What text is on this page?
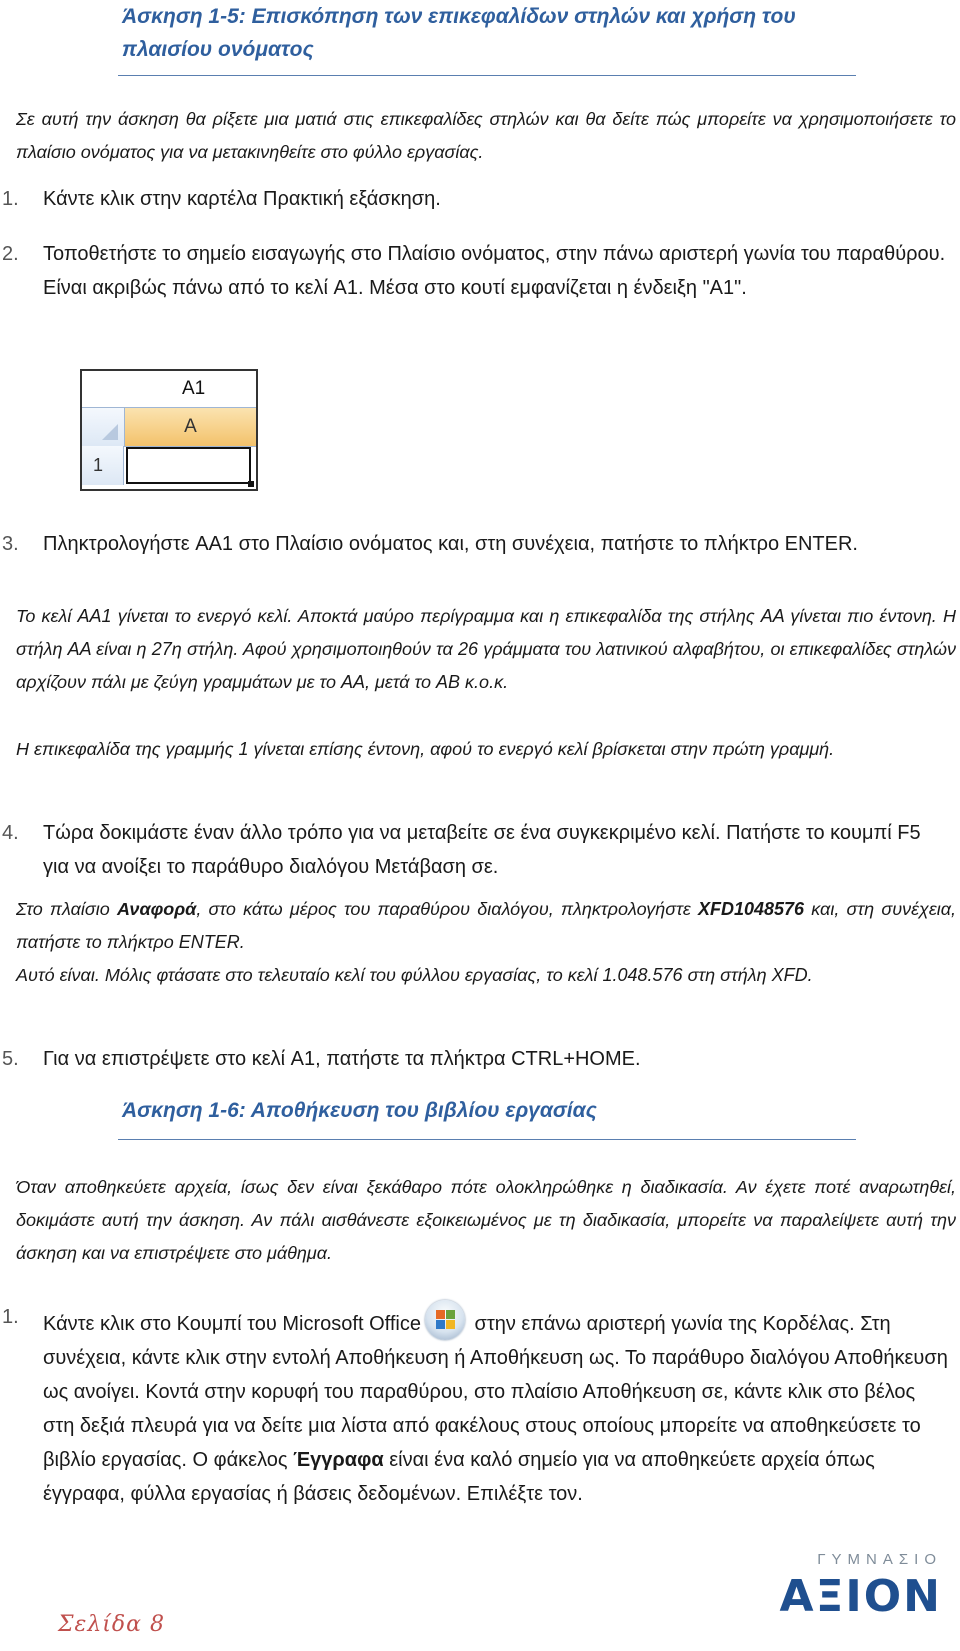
Άσκηση 1-5: Επισκόπηση των επικεφαλίδων στηλών και χρήση του
πλαισίου ονόματος
Σε αυτή την άσκηση θα ρίξετε μια ματιά στις επικεφαλίδες στηλών και θα δείτε πώς μπορείτε να χρησιμοποιήσετε το πλαίσιο ονόματος για να μετακινηθείτε στο φύλλο εργασίας.
1.	Κάντε κλικ στην καρτέλα Πρακτική εξάσκηση.
2.	Τοποθετήστε το σημείο εισαγωγής στο Πλαίσιο ονόματος, στην πάνω αριστερή γωνία του παραθύρου. Είναι ακριβώς πάνω από το κελί A1. Μέσα στο κουτί εμφανίζεται η ένδειξη "A1".
A1
A
1
3.	Πληκτρολογήστε AA1 στο Πλαίσιο ονόματος και, στη συνέχεια, πατήστε το πλήκτρο ENTER.
Το κελί AA1 γίνεται το ενεργό κελί. Αποκτά μαύρο περίγραμμα και η επικεφαλίδα της στήλης AA γίνεται πιο έντονη. Η στήλη AA είναι η 27η στήλη. Αφού χρησιμοποιηθούν τα 26 γράμματα του λατινικού αλφαβήτου, οι επικεφαλίδες στηλών αρχίζουν πάλι με ζεύγη γραμμάτων με το AA, μετά το AB κ.ο.κ.
Η επικεφαλίδα της γραμμής 1 γίνεται επίσης έντονη, αφού το ενεργό κελί βρίσκεται στην πρώτη γραμμή.
4.	Τώρα δοκιμάστε έναν άλλο τρόπο για να μεταβείτε σε ένα συγκεκριμένο κελί. Πατήστε το κουμπί F5 για να ανοίξει το παράθυρο διαλόγου Μετάβαση σε.
Στο πλαίσιο Αναφορά, στο κάτω μέρος του παραθύρου διαλόγου, πληκτρολογήστε XFD1048576 και, στη συνέχεια, πατήστε το πλήκτρο ENTER.
Αυτό είναι. Μόλις φτάσατε στο τελευταίο κελί του φύλλου εργασίας, το κελί 1.048.576 στη στήλη XFD.
5.	Για να επιστρέψετε στο κελί A1, πατήστε τα πλήκτρα CTRL+HOME.
Άσκηση 1-6: Αποθήκευση του βιβλίου εργασίας
Όταν αποθηκεύετε αρχεία, ίσως δεν είναι ξεκάθαρο πότε ολοκληρώθηκε η διαδικασία. Αν έχετε ποτέ αναρωτηθεί, δοκιμάστε αυτή την άσκηση. Αν πάλι αισθάνεστε εξοικειωμένος με τη διαδικασία, μπορείτε να παραλείψετε αυτή την άσκηση και να επιστρέψετε στο μάθημα.
1.	Κάντε κλικ στο Κουμπί του Microsoft Office
στην επάνω αριστερή γωνία της Κορδέλας. Στη συνέχεια, κάντε κλικ στην εντολή Αποθήκευση ή Αποθήκευση ως. Το παράθυρο διαλόγου Αποθήκευση ως ανοίγει. Κοντά στην κορυφή του παραθύρου, στο πλαίσιο Αποθήκευση σε, κάντε κλικ στο βέλος στη δεξιά πλευρά για να δείτε μια λίστα από φακέλους στους οποίους μπορείτε να αποθηκεύσετε το βιβλίο εργασίας. Ο φάκελος Έγγραφα είναι ένα καλό σημείο για να αποθηκεύετε αρχεία όπως έγγραφα, φύλλα εργασίας ή βάσεις δεδομένων. Επιλέξτε τον.
Σελίδα 8
ΓΥΜΝΑΣΙΟ
ΑΞΙΟΝ
